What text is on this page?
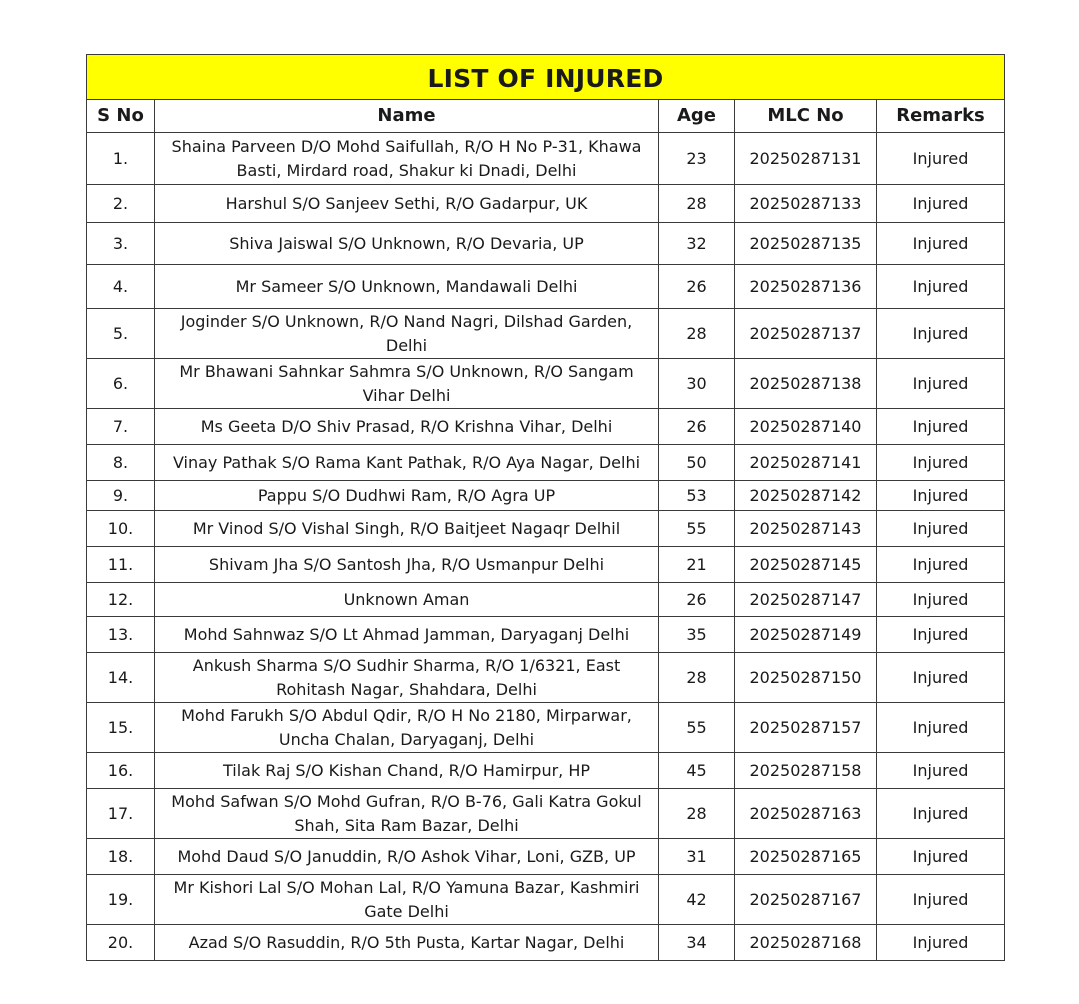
LIST OF INJURED				
S No	Name	Age	MLC No	Remarks
1.	Shaina Parveen D/O Mohd Saifullah, R/O H No P-31, Khawa Basti, Mirdard road, Shakur ki Dnadi, Delhi	23	20250287131	Injured
2.	Harshul S/O Sanjeev Sethi, R/O Gadarpur, UK	28	20250287133	Injured
3.	Shiva Jaiswal S/O Unknown, R/O Devaria, UP	32	20250287135	Injured
4.	Mr Sameer S/O Unknown, Mandawali Delhi	26	20250287136	Injured
5.	Joginder S/O Unknown, R/O Nand Nagri, Dilshad Garden, Delhi	28	20250287137	Injured
6.	Mr Bhawani Sahnkar Sahmra S/O Unknown, R/O Sangam Vihar Delhi	30	20250287138	Injured
7.	Ms Geeta D/O Shiv Prasad, R/O Krishna Vihar, Delhi	26	20250287140	Injured
8.	Vinay Pathak S/O Rama Kant Pathak, R/O Aya Nagar, Delhi	50	20250287141	Injured
9.	Pappu S/O Dudhwi Ram, R/O Agra UP	53	20250287142	Injured
10.	Mr Vinod S/O Vishal Singh, R/O Baitjeet Nagaqr Delhil	55	20250287143	Injured
11.	Shivam Jha S/O Santosh Jha, R/O Usmanpur Delhi	21	20250287145	Injured
12.	Unknown Aman	26	20250287147	Injured
13.	Mohd Sahnwaz S/O Lt Ahmad Jamman, Daryaganj Delhi	35	20250287149	Injured
14.	Ankush Sharma S/O Sudhir Sharma, R/O 1/6321, East Rohitash Nagar, Shahdara, Delhi	28	20250287150	Injured
15.	Mohd Farukh S/O Abdul Qdir, R/O H No 2180, Mirparwar, Uncha Chalan, Daryaganj, Delhi	55	20250287157	Injured
16.	Tilak Raj S/O Kishan Chand, R/O Hamirpur, HP	45	20250287158	Injured
17.	Mohd Safwan S/O Mohd Gufran, R/O B-76, Gali Katra Gokul Shah, Sita Ram Bazar, Delhi	28	20250287163	Injured
18.	Mohd Daud S/O Januddin, R/O Ashok Vihar, Loni, GZB, UP	31	20250287165	Injured
19.	Mr Kishori Lal S/O Mohan Lal, R/O Yamuna Bazar, Kashmiri Gate Delhi	42	20250287167	Injured
20.	Azad S/O Rasuddin, R/O 5th Pusta, Kartar Nagar, Delhi	34	20250287168	Injured
